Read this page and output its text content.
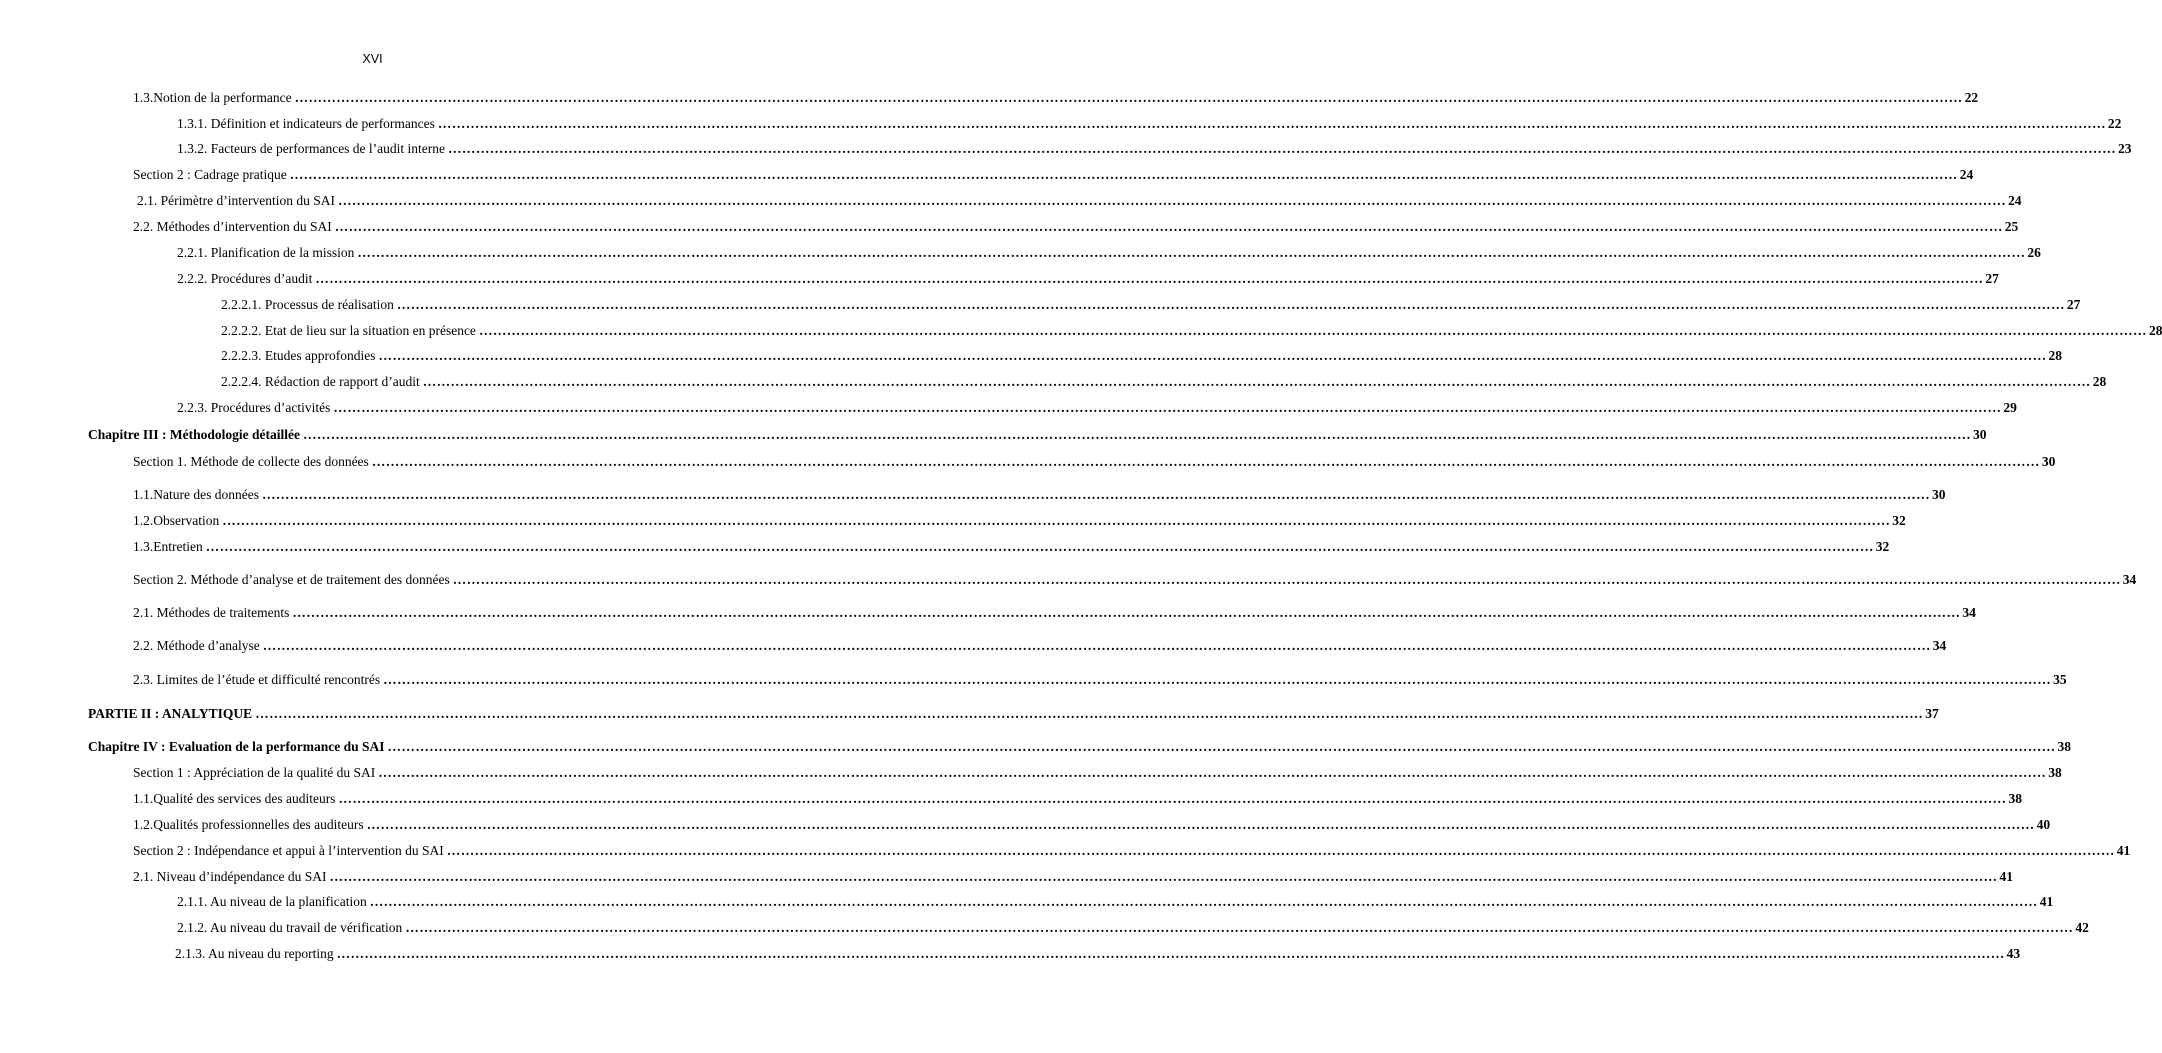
XVI
1.3.Notion de la performance ……………………………………………………………………………………………………………………………………………………………………………………………………………………………………………………………………………………………………………………………… 22
1.3.1. Définition et indicateurs de performances ……………………………………………………………………………………………………………………………………………………………………………………………………………………………………………………………………………………………………………………………… 22
1.3.2. Facteurs de performances de l’audit interne ……………………………………………………………………………………………………………………………………………………………………………………………………………………………………………………………………………………………………………………………… 23
Section 2 : Cadrage pratique ……………………………………………………………………………………………………………………………………………………………………………………………………………………………………………………………………………………………………………………………… 24
2.1. Périmètre d’intervention du SAI ……………………………………………………………………………………………………………………………………………………………………………………………………………………………………………………………………………………………………………………………… 24
2.2. Méthodes d’intervention du SAI ……………………………………………………………………………………………………………………………………………………………………………………………………………………………………………………………………………………………………………………………… 25
2.2.1. Planification de la mission ……………………………………………………………………………………………………………………………………………………………………………………………………………………………………………………………………………………………………………………………… 26
2.2.2. Procédures d’audit ……………………………………………………………………………………………………………………………………………………………………………………………………………………………………………………………………………………………………………………………… 27
2.2.2.1. Processus de réalisation ……………………………………………………………………………………………………………………………………………………………………………………………………………………………………………………………………………………………………………………………… 27
2.2.2.2. Etat de lieu sur la situation en présence ……………………………………………………………………………………………………………………………………………………………………………………………………………………………………………………………………………………………………………………………… 28
2.2.2.3. Etudes approfondies ……………………………………………………………………………………………………………………………………………………………………………………………………………………………………………………………………………………………………………………………… 28
2.2.2.4. Rédaction de rapport d’audit ……………………………………………………………………………………………………………………………………………………………………………………………………………………………………………………………………………………………………………………………… 28
2.2.3. Procédures d’activités ……………………………………………………………………………………………………………………………………………………………………………………………………………………………………………………………………………………………………………………………… 29
Chapitre III : Méthodologie détaillée ……………………………………………………………………………………………………………………………………………………………………………………………………………………………………………………………………………………………………………………………… 30
Section 1. Méthode de collecte des données ……………………………………………………………………………………………………………………………………………………………………………………………………………………………………………………………………………………………………………………………… 30
1.1.Nature des données ……………………………………………………………………………………………………………………………………………………………………………………………………………………………………………………………………………………………………………………………… 30
1.2.Observation ……………………………………………………………………………………………………………………………………………………………………………………………………………………………………………………………………………………………………………………………… 32
1.3.Entretien ……………………………………………………………………………………………………………………………………………………………………………………………………………………………………………………………………………………………………………………………… 32
Section 2. Méthode d’analyse et de traitement des données ……………………………………………………………………………………………………………………………………………………………………………………………………………………………………………………………………………………………………………………………… 34
2.1. Méthodes de traitements ……………………………………………………………………………………………………………………………………………………………………………………………………………………………………………………………………………………………………………………………… 34
2.2. Méthode d’analyse ……………………………………………………………………………………………………………………………………………………………………………………………………………………………………………………………………………………………………………………………… 34
2.3. Limites de l’étude et difficulté rencontrés ……………………………………………………………………………………………………………………………………………………………………………………………………………………………………………………………………………………………………………………………… 35
PARTIE II : ANALYTIQUE ……………………………………………………………………………………………………………………………………………………………………………………………………………………………………………………………………………………………………………………………… 37
Chapitre IV : Evaluation de la performance du SAI ……………………………………………………………………………………………………………………………………………………………………………………………………………………………………………………………………………………………………………………………… 38
Section 1 : Appréciation de la qualité du SAI ……………………………………………………………………………………………………………………………………………………………………………………………………………………………………………………………………………………………………………………………… 38
1.1.Qualité des services des auditeurs ……………………………………………………………………………………………………………………………………………………………………………………………………………………………………………………………………………………………………………………………… 38
1.2.Qualités professionnelles des auditeurs ……………………………………………………………………………………………………………………………………………………………………………………………………………………………………………………………………………………………………………………………… 40
Section 2 : Indépendance et appui à l’intervention du SAI ……………………………………………………………………………………………………………………………………………………………………………………………………………………………………………………………………………………………………………………………… 41
2.1. Niveau d’indépendance du SAI ……………………………………………………………………………………………………………………………………………………………………………………………………………………………………………………………………………………………………………………………… 41
2.1.1. Au niveau de la planification ……………………………………………………………………………………………………………………………………………………………………………………………………………………………………………………………………………………………………………………………… 41
2.1.2. Au niveau du travail de vérification ……………………………………………………………………………………………………………………………………………………………………………………………………………………………………………………………………………………………………………………………… 42
2.1.3. Au niveau du reporting ……………………………………………………………………………………………………………………………………………………………………………………………………………………………………………………………………………………………………………………………… 43
